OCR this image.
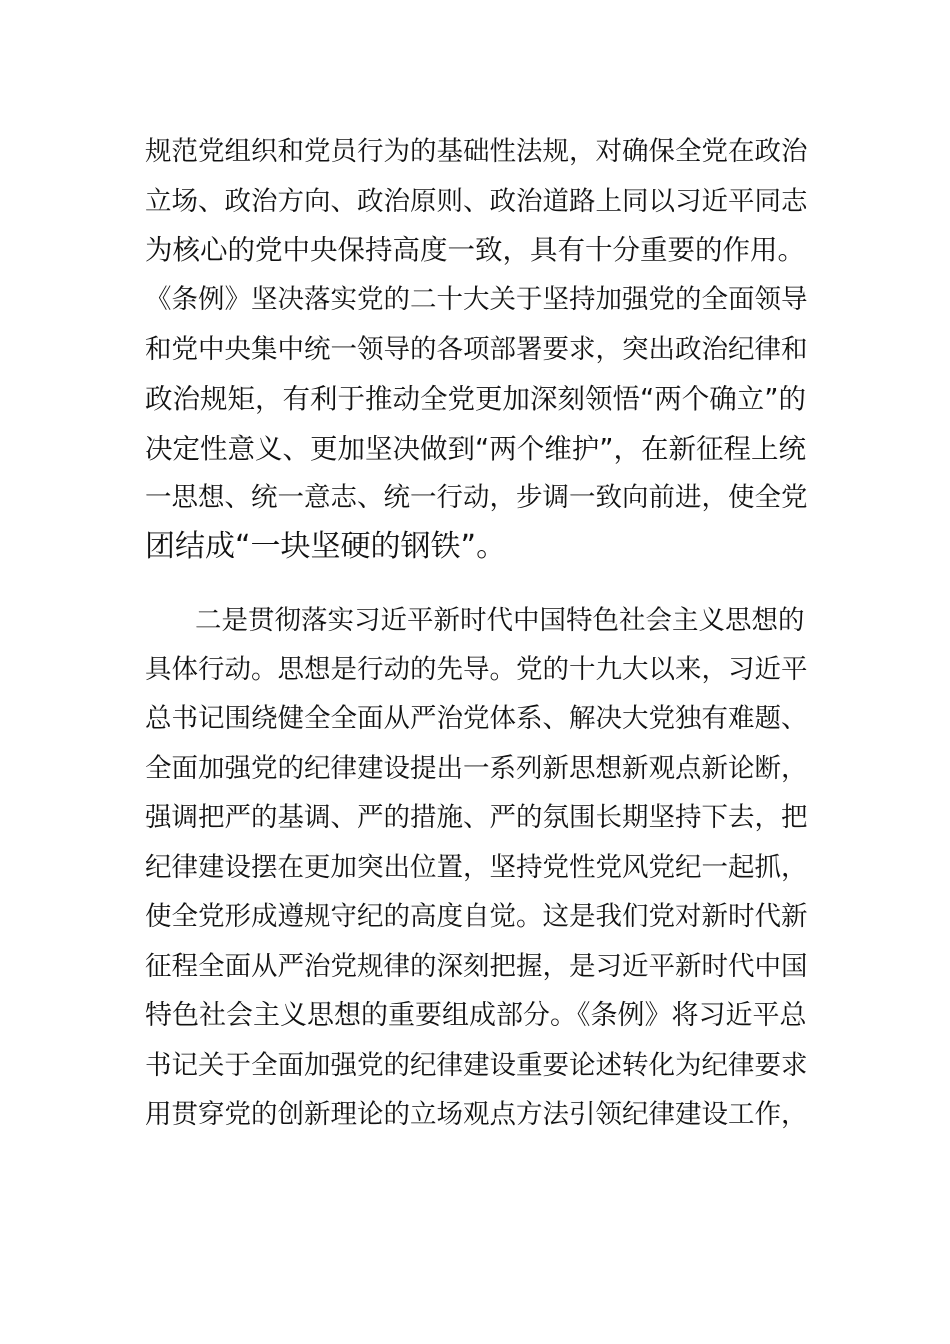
规范党组织和党员行为的基础性法规，对确保全党在政治
立场、政治方向、政治原则、政治道路上同以习近平同志
为核心的党中央保持高度一致，具有十分重要的作用。
《条例》坚决落实党的二十大关于坚持加强党的全面领导
和党中央集中统一领导的各项部署要求，突出政治纪律和
政治规矩，有利于推动全党更加深刻领悟“两个确立”的
决定性意义、更加坚决做到“两个维护”，在新征程上统
一思想、统一意志、统一行动，步调一致向前进，使全党
团结成“一块坚硬的钢铁”。
二是贯彻落实习近平新时代中国特色社会主义思想的
具体行动。思想是行动的先导。党的十九大以来，习近平
总书记围绕健全全面从严治党体系、解决大党独有难题、
全面加强党的纪律建设提出一系列新思想新观点新论断，
强调把严的基调、严的措施、严的氛围长期坚持下去，把
纪律建设摆在更加突出位置，坚持党性党风党纪一起抓，
使全党形成遵规守纪的高度自觉。这是我们党对新时代新
征程全面从严治党规律的深刻把握，是习近平新时代中国
特色社会主义思想的重要组成部分。《条例》将习近平总
书记关于全面加强党的纪律建设重要论述转化为纪律要求
用贯穿党的创新理论的立场观点方法引领纪律建设工作，
